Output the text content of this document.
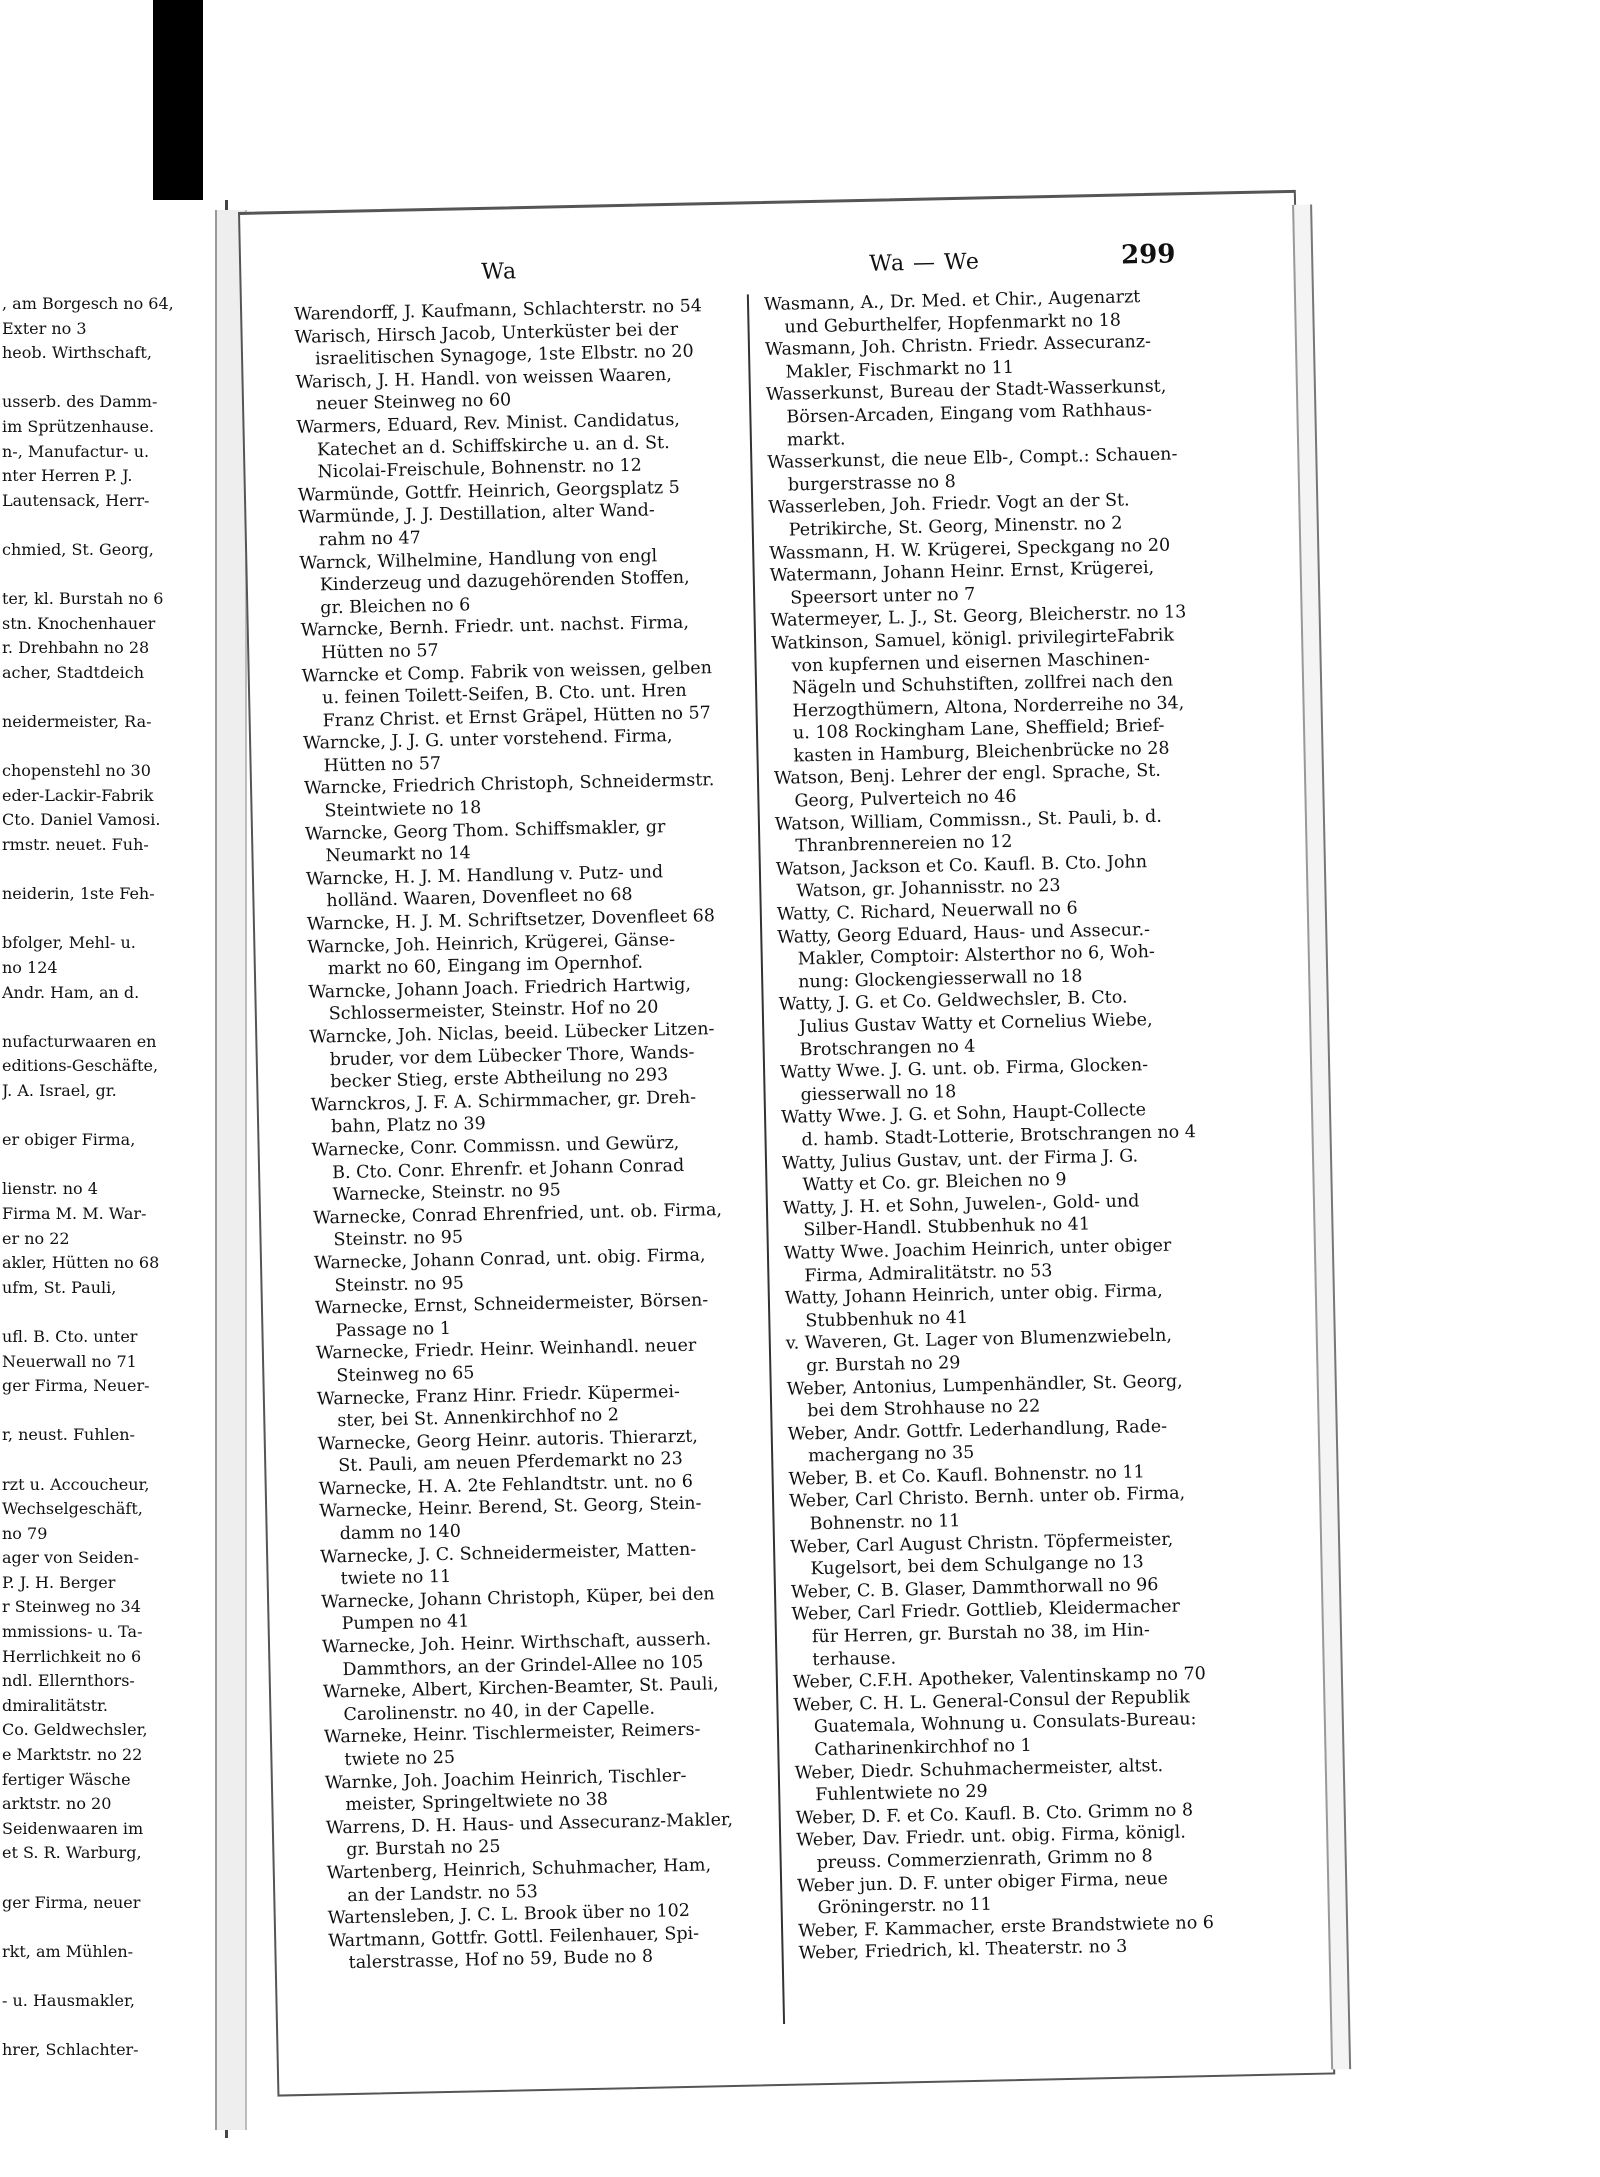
, am Borgesch no 64,
Exter no 3
heob. Wirthschaft,
usserb. des Damm-
im Sprützenhause.
n-, Manufactur- u.
nter Herren P. J.
Lautensack, Herr-
chmied, St. Georg,
ter, kl. Burstah no 6
stn. Knochenhauer
r. Drehbahn no 28
acher, Stadtdeich
neidermeister, Ra-
chopenstehl no 30
eder-Lackir-Fabrik
Cto. Daniel Vamosi.
rmstr. neuet. Fuh-
neiderin, 1ste Feh-
bfolger, Mehl- u.
no 124
Andr. Ham, an d.
nufacturwaaren en
editions-Geschäfte,
J. A. Israel, gr.
er obiger Firma,
lienstr. no 4
Firma M. M. War-
er no 22
akler, Hütten no 68
ufm, St. Pauli,
ufl. B. Cto. unter
Neuerwall no 71
ger Firma, Neuer-
r, neust. Fuhlen-
rzt u. Accoucheur,
Wechselgeschäft,
no 79
ager von Seiden-
P. J. H. Berger
r Steinweg no 34
mmissions- u. Ta-
Herrlichkeit no 6
ndl. Ellernthors-
dmiralitätstr.
Co. Geldwechsler,
e Marktstr. no 22
fertiger Wäsche
arktstr. no 20
Seidenwaaren im
et S. R. Warburg,
ger Firma, neuer
rkt, am Mühlen-
- u. Hausmakler,
hrer, Schlachter-
Wa	Wa — We	299
Warendorff, J. Kaufmann, Schlachterstr. no 54
Warisch, Hirsch Jacob, Unterküster bei der
israelitischen Synagoge, 1ste Elbstr. no 20
Warisch, J. H. Handl. von weissen Waaren,
neuer Steinweg no 60
Warmers, Eduard, Rev. Minist. Candidatus,
Katechet an d. Schiffskirche u. an d. St.
Nicolai-Freischule, Bohnenstr. no 12
Warmünde, Gottfr. Heinrich, Georgsplatz 5
Warmünde, J. J. Destillation, alter Wand-
rahm no 47
Warnck, Wilhelmine, Handlung von engl
Kinderzeug und dazugehörenden Stoffen,
gr. Bleichen no 6
Warncke, Bernh. Friedr. unt. nachst. Firma,
Hütten no 57
Warncke et Comp. Fabrik von weissen, gelben
u. feinen Toilett-Seifen, B. Cto. unt. Hren
Franz Christ. et Ernst Gräpel, Hütten no 57
Warncke, J. J. G. unter vorstehend. Firma,
Hütten no 57
Warncke, Friedrich Christoph, Schneidermstr.
Steintwiete no 18
Warncke, Georg Thom. Schiffsmakler, gr
Neumarkt no 14
Warncke, H. J. M. Handlung v. Putz- und
holländ. Waaren, Dovenfleet no 68
Warncke, H. J. M. Schriftsetzer, Dovenfleet 68
Warncke, Joh. Heinrich, Krügerei, Gänse-
markt no 60, Eingang im Opernhof.
Warncke, Johann Joach. Friedrich Hartwig,
Schlossermeister, Steinstr. Hof no 20
Warncke, Joh. Niclas, beeid. Lübecker Litzen-
bruder, vor dem Lübecker Thore, Wands-
becker Stieg, erste Abtheilung no 293
Warnckros, J. F. A. Schirmmacher, gr. Dreh-
bahn, Platz no 39
Warnecke, Conr. Commissn. und Gewürz,
B. Cto. Conr. Ehrenfr. et Johann Conrad
Warnecke, Steinstr. no 95
Warnecke, Conrad Ehrenfried, unt. ob. Firma,
Steinstr. no 95
Warnecke, Johann Conrad, unt. obig. Firma,
Steinstr. no 95
Warnecke, Ernst, Schneidermeister, Börsen-
Passage no 1
Warnecke, Friedr. Heinr. Weinhandl. neuer
Steinweg no 65
Warnecke, Franz Hinr. Friedr. Küpermei-
ster, bei St. Annenkirchhof no 2
Warnecke, Georg Heinr. autoris. Thierarzt,
St. Pauli, am neuen Pferdemarkt no 23
Warnecke, H. A. 2te Fehlandtstr. unt. no 6
Warnecke, Heinr. Berend, St. Georg, Stein-
damm no 140
Warnecke, J. C. Schneidermeister, Matten-
twiete no 11
Warnecke, Johann Christoph, Küper, bei den
Pumpen no 41
Warnecke, Joh. Heinr. Wirthschaft, ausserh.
Dammthors, an der Grindel-Allee no 105
Warneke, Albert, Kirchen-Beamter, St. Pauli,
Carolinenstr. no 40, in der Capelle.
Warneke, Heinr. Tischlermeister, Reimers-
twiete no 25
Warnke, Joh. Joachim Heinrich, Tischler-
meister, Springeltwiete no 38
Warrens, D. H. Haus- und Assecuranz-Makler,
gr. Burstah no 25
Wartenberg, Heinrich, Schuhmacher, Ham,
an der Landstr. no 53
Wartensleben, J. C. L. Brook über no 102
Wartmann, Gottfr. Gottl. Feilenhauer, Spi-
talerstrasse, Hof no 59, Bude no 8
Wasmann, A., Dr. Med. et Chir., Augenarzt
und Geburthelfer, Hopfenmarkt no 18
Wasmann, Joh. Christn. Friedr. Assecuranz-
Makler, Fischmarkt no 11
Wasserkunst, Bureau der Stadt-Wasserkunst,
Börsen-Arcaden, Eingang vom Rathhaus-
markt.
Wasserkunst, die neue Elb-, Compt.: Schauen-
burgerstrasse no 8
Wasserleben, Joh. Friedr. Vogt an der St.
Petrikirche, St. Georg, Minenstr. no 2
Wassmann, H. W. Krügerei, Speckgang no 20
Watermann, Johann Heinr. Ernst, Krügerei,
Speersort unter no 7
Watermeyer, L. J., St. Georg, Bleicherstr. no 13
Watkinson, Samuel, königl. privilegirteFabrik
von kupfernen und eisernen Maschinen-
Nägeln und Schuhstiften, zollfrei nach den
Herzogthümern, Altona, Norderreihe no 34,
u. 108 Rockingham Lane, Sheffield; Brief-
kasten in Hamburg, Bleichenbrücke no 28
Watson, Benj. Lehrer der engl. Sprache, St.
Georg, Pulverteich no 46
Watson, William, Commissn., St. Pauli, b. d.
Thranbrennereien no 12
Watson, Jackson et Co. Kaufl. B. Cto. John
Watson, gr. Johannisstr. no 23
Watty, C. Richard, Neuerwall no 6
Watty, Georg Eduard, Haus- und Assecur.-
Makler, Comptoir: Alsterthor no 6, Woh-
nung: Glockengiesserwall no 18
Watty, J. G. et Co. Geldwechsler, B. Cto.
Julius Gustav Watty et Cornelius Wiebe,
Brotschrangen no 4
Watty Wwe. J. G. unt. ob. Firma, Glocken-
giesserwall no 18
Watty Wwe. J. G. et Sohn, Haupt-Collecte
d. hamb. Stadt-Lotterie, Brotschrangen no 4
Watty, Julius Gustav, unt. der Firma J. G.
Watty et Co. gr. Bleichen no 9
Watty, J. H. et Sohn, Juwelen-, Gold- und
Silber-Handl. Stubbenhuk no 41
Watty Wwe. Joachim Heinrich, unter obiger
Firma, Admiralitätstr. no 53
Watty, Johann Heinrich, unter obig. Firma,
Stubbenhuk no 41
v. Waveren, Gt. Lager von Blumenzwiebeln,
gr. Burstah no 29
Weber, Antonius, Lumpenhändler, St. Georg,
bei dem Strohhause no 22
Weber, Andr. Gottfr. Lederhandlung, Rade-
machergang no 35
Weber, B. et Co. Kaufl. Bohnenstr. no 11
Weber, Carl Christo. Bernh. unter ob. Firma,
Bohnenstr. no 11
Weber, Carl August Christn. Töpfermeister,
Kugelsort, bei dem Schulgange no 13
Weber, C. B. Glaser, Dammthorwall no 96
Weber, Carl Friedr. Gottlieb, Kleidermacher
für Herren, gr. Burstah no 38, im Hin-
terhause.
Weber, C.F.H. Apotheker, Valentinskamp no 70
Weber, C. H. L. General-Consul der Republik
Guatemala, Wohnung u. Consulats-Bureau:
Catharinenkirchhof no 1
Weber, Diedr. Schuhmachermeister, altst.
Fuhlentwiete no 29
Weber, D. F. et Co. Kaufl. B. Cto. Grimm no 8
Weber, Dav. Friedr. unt. obig. Firma, königl.
preuss. Commerzienrath, Grimm no 8
Weber jun. D. F. unter obiger Firma, neue
Gröningerstr. no 11
Weber, F. Kammacher, erste Brandstwiete no 6
Weber, Friedrich, kl. Theaterstr. no 3
